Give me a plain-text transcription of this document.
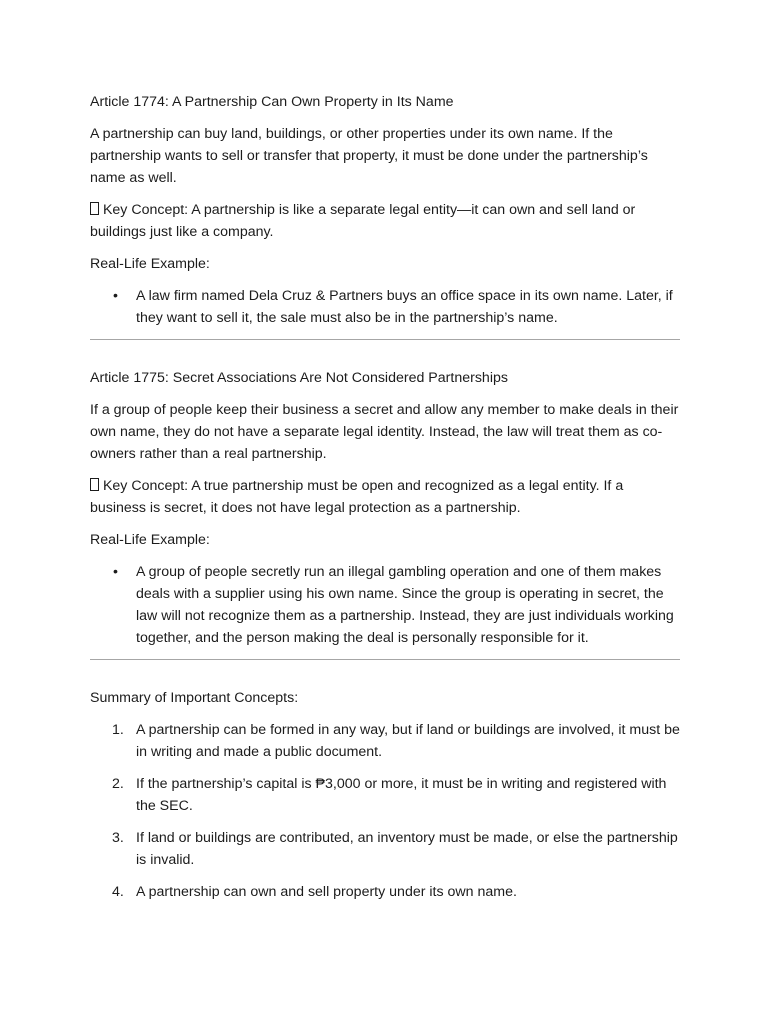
Article 1774: A Partnership Can Own Property in Its Name

A partnership can buy land, buildings, or other properties under its own name. If the partnership wants to sell or transfer that property, it must be done under the partnership’s name as well.

Key Concept: A partnership is like a separate legal entity—it can own and sell land or buildings just like a company.

Real-Life Example:

• A law firm named Dela Cruz & Partners buys an office space in its own name. Later, if they want to sell it, the sale must also be in the partnership’s name.

Article 1775: Secret Associations Are Not Considered Partnerships

If a group of people keep their business a secret and allow any member to make deals in their own name, they do not have a separate legal identity. Instead, the law will treat them as co-owners rather than a real partnership.

Key Concept: A true partnership must be open and recognized as a legal entity. If a business is secret, it does not have legal protection as a partnership.

Real-Life Example:

• A group of people secretly run an illegal gambling operation and one of them makes deals with a supplier using his own name. Since the group is operating in secret, the law will not recognize them as a partnership. Instead, they are just individuals working together, and the person making the deal is personally responsible for it.

Summary of Important Concepts:

1. A partnership can be formed in any way, but if land or buildings are involved, it must be in writing and made a public document.
2. If the partnership’s capital is ₱3,000 or more, it must be in writing and registered with the SEC.
3. If land or buildings are contributed, an inventory must be made, or else the partnership is invalid.
4. A partnership can own and sell property under its own name.
